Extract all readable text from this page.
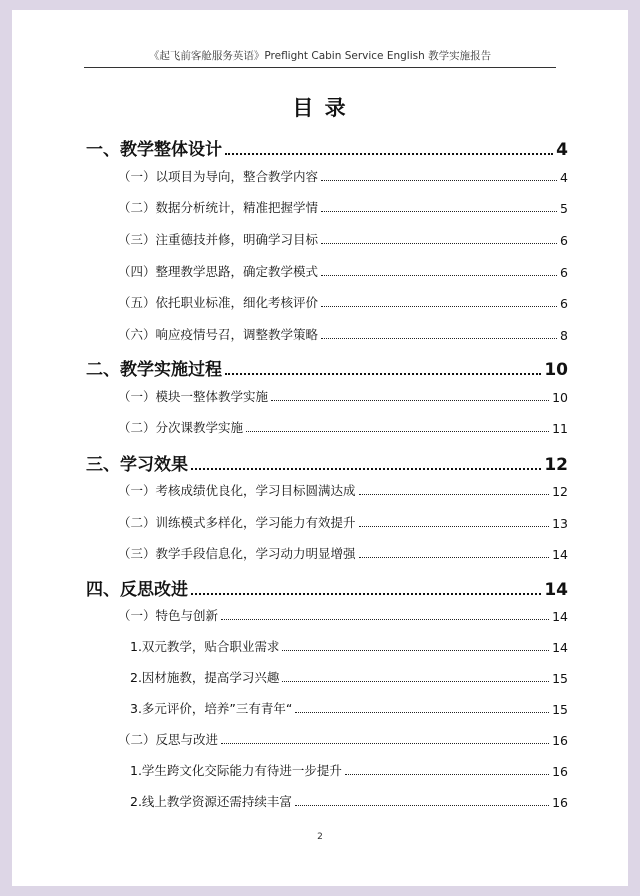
《起飞前客舱服务英语》Preflight Cabin Service English 教学实施报告
目 录
一、教学整体设计	4
（一）以项目为导向，整合教学内容	4
（二）数据分析统计，精准把握学情	5
（三）注重德技并修，明确学习目标	6
（四）整理教学思路，确定教学模式	6
（五）依托职业标准，细化考核评价	6
（六）响应疫情号召，调整教学策略	8
二、教学实施过程	10
（一）模块一整体教学实施	10
（二）分次课教学实施	11
三、学习效果	12
（一）考核成绩优良化，学习目标圆满达成	12
（二）训练模式多样化，学习能力有效提升	13
（三）教学手段信息化，学习动力明显增强	14
四、反思改进	14
（一）特色与创新	14
1.双元教学，贴合职业需求	14
2.因材施教，提高学习兴趣	15
3.多元评价，培养”三有青年“	15
（二）反思与改进	16
1.学生跨文化交际能力有待进一步提升	16
2.线上教学资源还需持续丰富	16
2
